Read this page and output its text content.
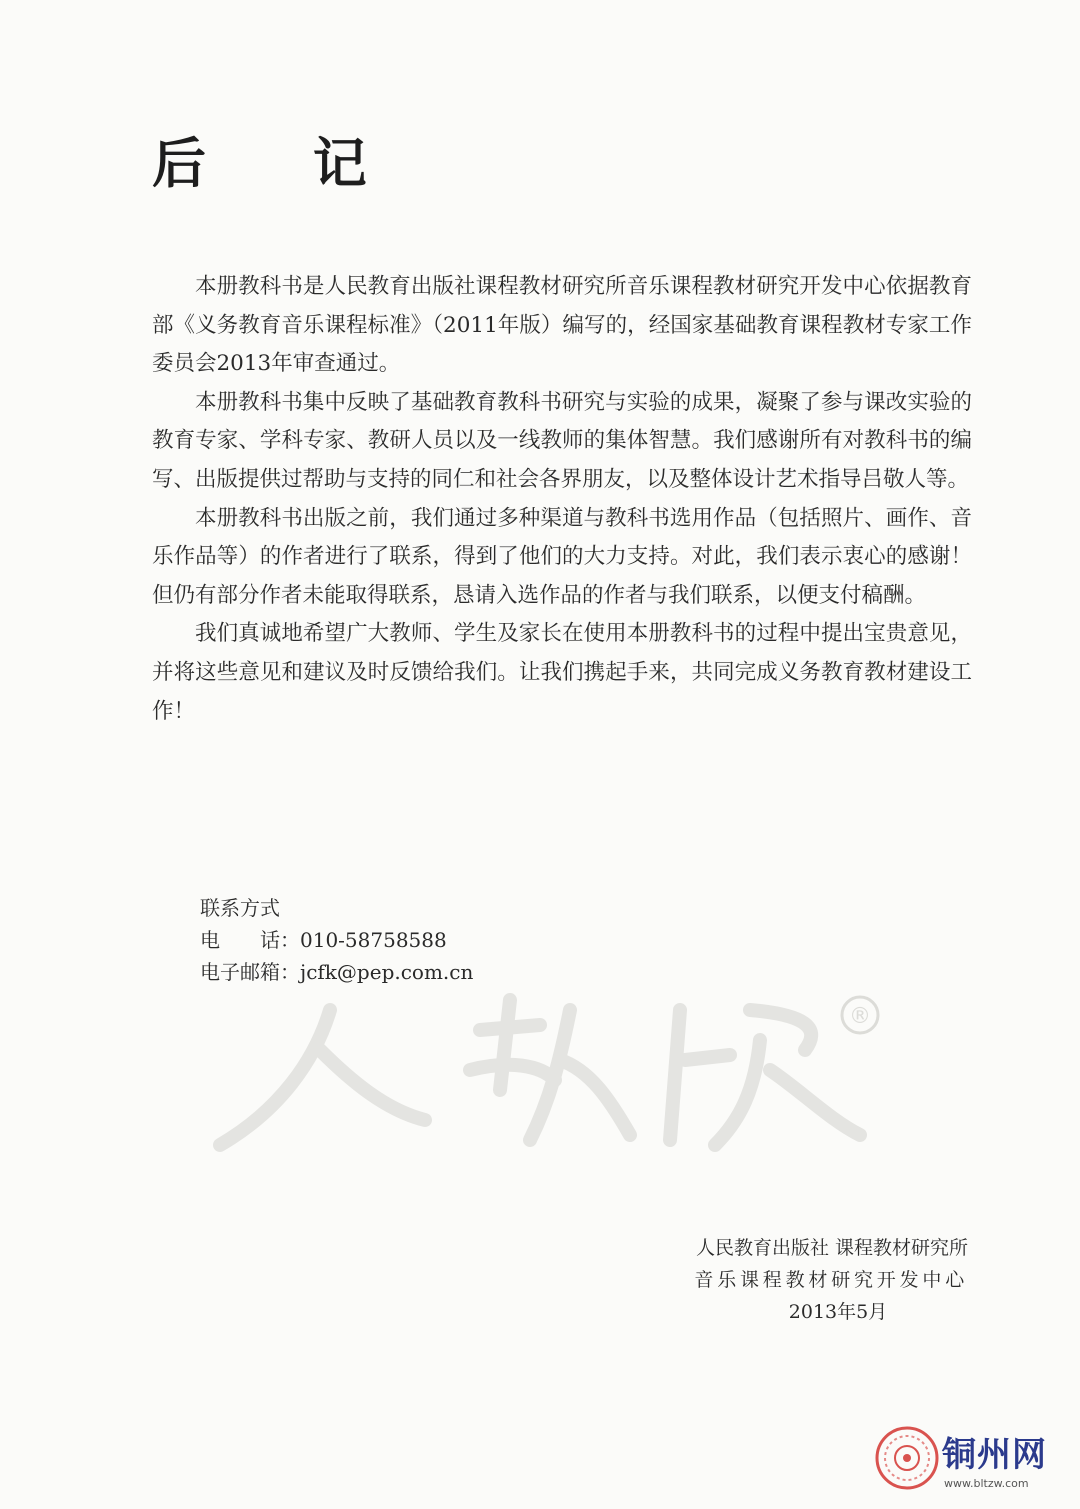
后 记

本册教科书是人民教育出版社课程教材研究所音乐课程教材研究开发中心依据教育部《义务教育音乐课程标准》（2011年版）编写的，经国家基础教育课程教材专家工作委员会2013年审查通过。

本册教科书集中反映了基础教育教科书研究与实验的成果，凝聚了参与课改实验的教育专家、学科专家、教研人员以及一线教师的集体智慧。我们感谢所有对教科书的编写、出版提供过帮助与支持的同仁和社会各界朋友，以及整体设计艺术指导吕敬人等。

本册教科书出版之前，我们通过多种渠道与教科书选用作品（包括照片、画作、音乐作品等）的作者进行了联系，得到了他们的大力支持。对此，我们表示衷心的感谢！但仍有部分作者未能取得联系，恳请入选作品的作者与我们联系，以便支付稿酬。

我们真诚地希望广大教师、学生及家长在使用本册教科书的过程中提出宝贵意见，并将这些意见和建议及时反馈给我们。让我们携起手来，共同完成义务教育教材建设工作！

联系方式
电　　话：010-58758588
电子邮箱：jcfk@pep.com.cn
®
人民教育出版社 课程教材研究所
音乐课程教材研究开发中心
2013年5月
铜州网
www.bltzw.com
